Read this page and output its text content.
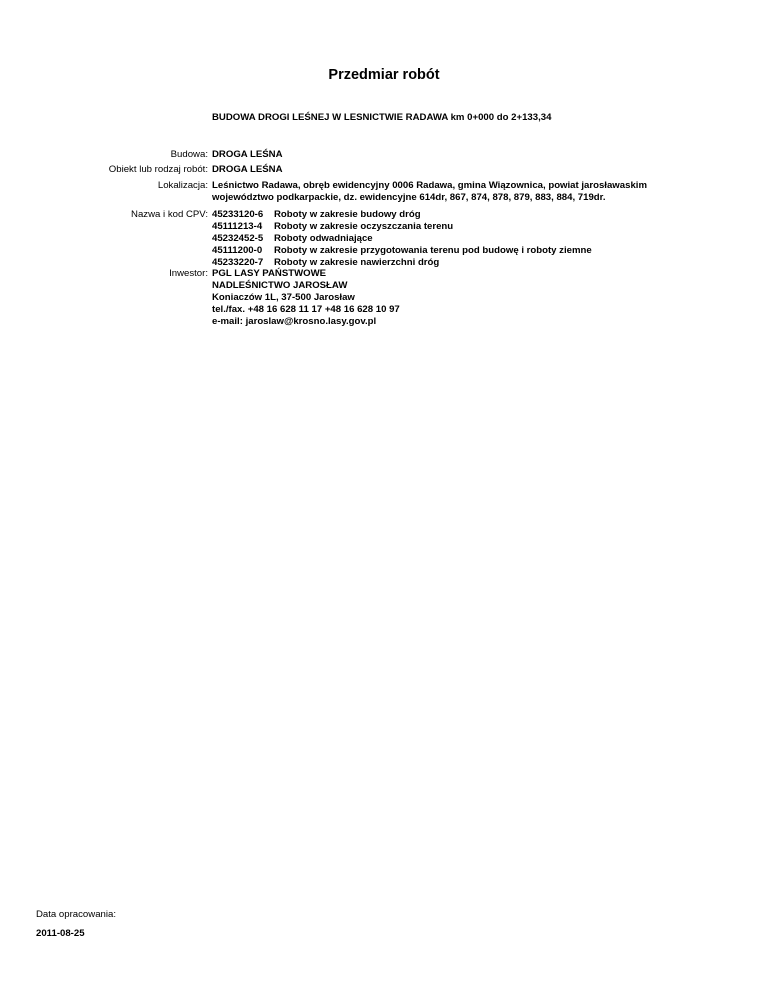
Przedmiar robót
BUDOWA DROGI LEŚNEJ W LESNICTWIE RADAWA km 0+000 do 2+133,34
Budowa: DROGA LEŚNA
Obiekt lub rodzaj robót: DROGA LEŚNA
Lokalizacja: Leśnictwo Radawa, obręb ewidencyjny 0006 Radawa, gmina Wiązownica, powiat jarosławaskim
województwo podkarpackie, dz. ewidencyjne 614dr, 867, 874, 878, 879, 883, 884, 719dr.
Nazwa i kod CPV: 45233120-6 Roboty w zakresie budowy dróg
45111213-4 Roboty w zakresie oczyszczania terenu
45232452-5 Roboty odwadniające
45111200-0 Roboty w zakresie przygotowania terenu pod budowę i roboty ziemne
45233220-7 Roboty w zakresie nawierzchni dróg
Inwestor: PGL LASY PAŃSTWOWE
NADLEŚNICTWO JAROSŁAW
Koniaczów 1L, 37-500 Jarosław
tel./fax. +48 16 628 11 17 +48 16 628 10 97
e-mail: jaroslaw@krosno.lasy.gov.pl
Data opracowania:
2011-08-25
